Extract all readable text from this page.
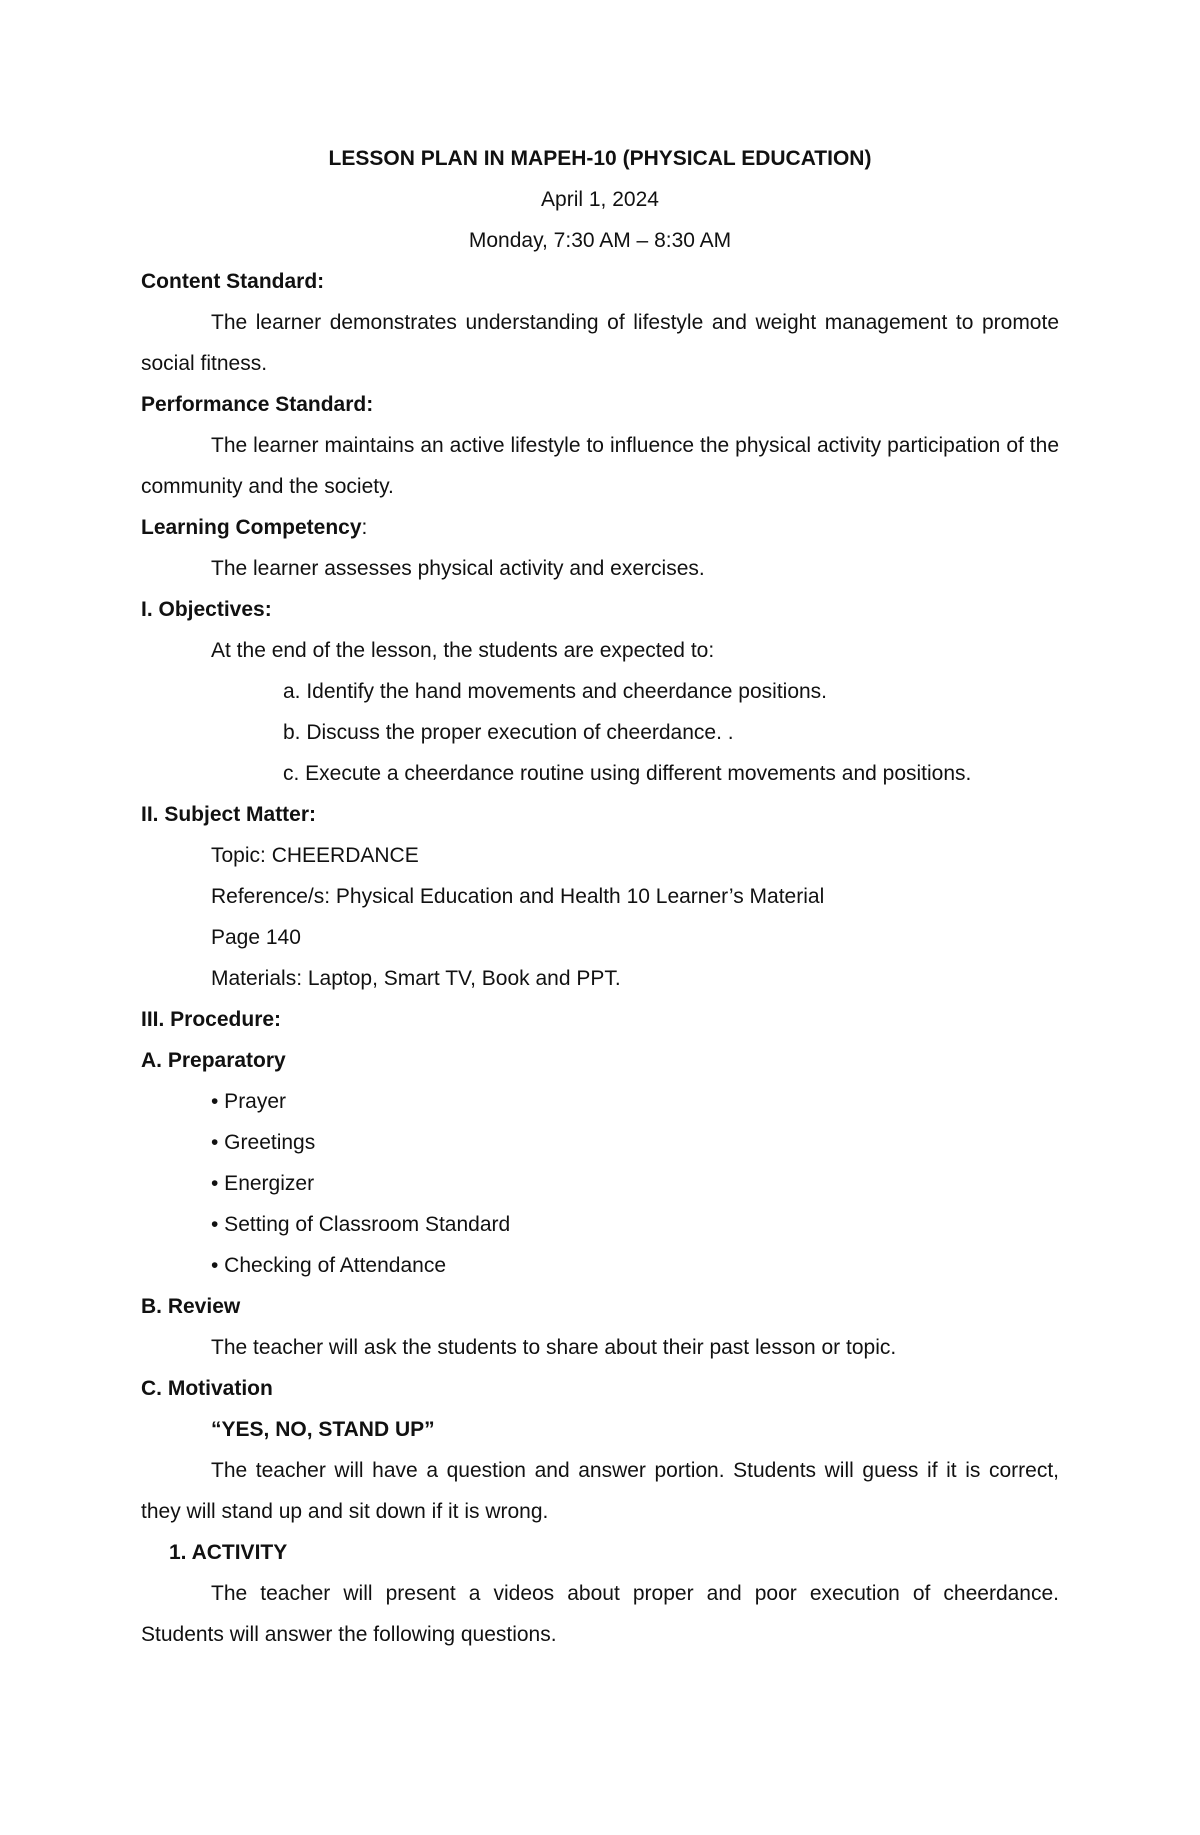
LESSON PLAN IN MAPEH-10 (PHYSICAL EDUCATION)
April 1, 2024
Monday, 7:30 AM – 8:30 AM
Content Standard:

The learner demonstrates understanding of lifestyle and weight management to promote social fitness.

Performance Standard:

The learner maintains an active lifestyle to influence the physical activity participation of the community and the society.

Learning Competency:
The learner assesses physical activity and exercises.
I. Objectives:
At the end of the lesson, the students are expected to:
a. Identify the hand movements and cheerdance positions.
b. Discuss the proper execution of cheerdance. .
c. Execute a cheerdance routine using different movements and positions.
II. Subject Matter:
Topic: CHEERDANCE
Reference/s: Physical Education and Health 10 Learner’s Material
Page 140
Materials: Laptop, Smart TV, Book and PPT.
III. Procedure:
A. Preparatory
• Prayer
• Greetings
• Energizer
• Setting of Classroom Standard
• Checking of Attendance
B. Review
The teacher will ask the students to share about their past lesson or topic.
C. Motivation
“YES, NO, STAND UP”

The teacher will have a question and answer portion. Students will guess if it is correct, they will stand up and sit down if it is wrong.

1. ACTIVITY

The teacher will present a videos about proper and poor execution of cheerdance. Students will answer the following questions.
